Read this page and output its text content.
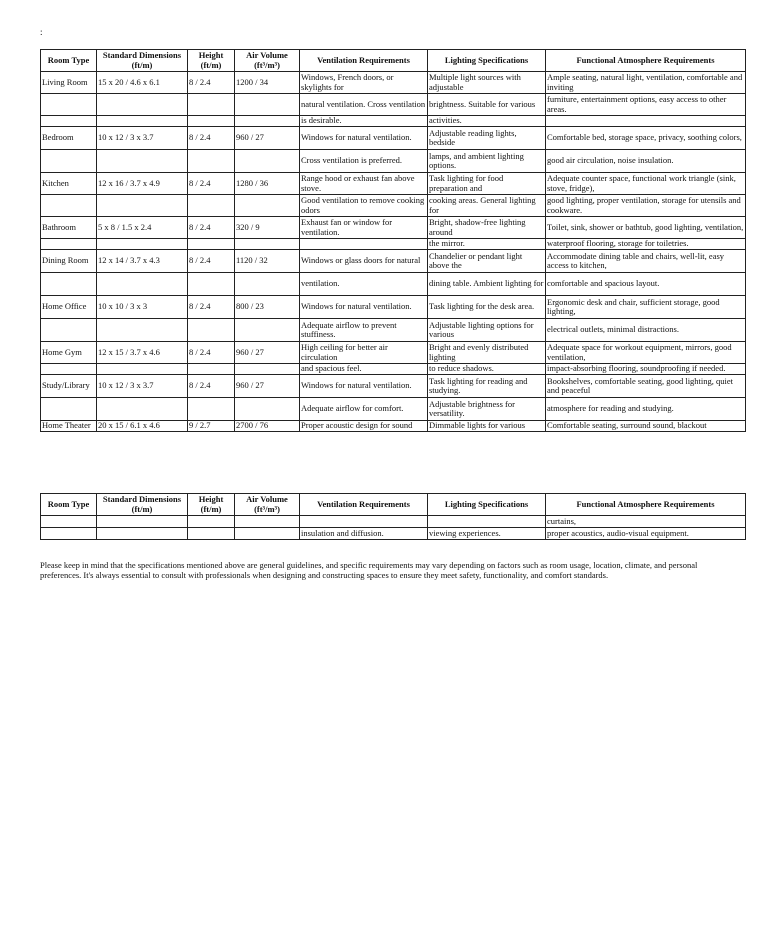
:
Room Type	Standard Dimensions (ft/m)	Height (ft/m)	Air Volume (ft³/m³)	Ventilation Requirements	Lighting Specifications	Functional Atmosphere Requirements
Living Room	15 x 20 / 4.6 x 6.1	8 / 2.4	1200 / 34	Windows, French doors, or skylights for	Multiple light sources with adjustable	Ample seating, natural light, ventilation, comfortable and inviting
				natural ventilation. Cross ventilation	brightness. Suitable for various	furniture, entertainment options, easy access to other areas.
				is desirable.	activities.	
Bedroom	10 x 12 / 3 x 3.7	8 / 2.4	960 / 27	Windows for natural ventilation.	Adjustable reading lights, bedside	Comfortable bed, storage space, privacy, soothing colors,
				Cross ventilation is preferred.	lamps, and ambient lighting options.	good air circulation, noise insulation.
Kitchen	12 x 16 / 3.7 x 4.9	8 / 2.4	1280 / 36	Range hood or exhaust fan above stove.	Task lighting for food preparation and	Adequate counter space, functional work triangle (sink, stove, fridge),
				Good ventilation to remove cooking odors	cooking areas. General lighting for	good lighting, proper ventilation, storage for utensils and cookware.
Bathroom	5 x 8 / 1.5 x 2.4	8 / 2.4	320 / 9	Exhaust fan or window for ventilation.	Bright, shadow-free lighting around	Toilet, sink, shower or bathtub, good lighting, ventilation,
					the mirror.	waterproof flooring, storage for toiletries.
Dining Room	12 x 14 / 3.7 x 4.3	8 / 2.4	1120 / 32	Windows or glass doors for natural	Chandelier or pendant light above the	Accommodate dining table and chairs, well-lit, easy access to kitchen,
				ventilation.	dining table. Ambient lighting for	comfortable and spacious layout.
Home Office	10 x 10 / 3 x 3	8 / 2.4	800 / 23	Windows for natural ventilation.	Task lighting for the desk area.	Ergonomic desk and chair, sufficient storage, good lighting,
				Adequate airflow to prevent stuffiness.	Adjustable lighting options for various	electrical outlets, minimal distractions.
Home Gym	12 x 15 / 3.7 x 4.6	8 / 2.4	960 / 27	High ceiling for better air circulation	Bright and evenly distributed lighting	Adequate space for workout equipment, mirrors, good ventilation,
				and spacious feel.	to reduce shadows.	impact-absorbing flooring, soundproofing if needed.
Study/Library	10 x 12 / 3 x 3.7	8 / 2.4	960 / 27	Windows for natural ventilation.	Task lighting for reading and studying.	Bookshelves, comfortable seating, good lighting, quiet and peaceful
				Adequate airflow for comfort.	Adjustable brightness for versatility.	atmosphere for reading and studying.
Home Theater	20 x 15 / 6.1 x 4.6	9 / 2.7	2700 / 76	Proper acoustic design for sound	Dimmable lights for various	Comfortable seating, surround sound, blackout
Room Type	Standard Dimensions (ft/m)	Height (ft/m)	Air Volume (ft³/m³)	Ventilation Requirements	Lighting Specifications	Functional Atmosphere Requirements
						curtains,
				insulation and diffusion.	viewing experiences.	proper acoustics, audio-visual equipment.

Please keep in mind that the specifications mentioned above are general guidelines, and specific requirements may vary depending on factors such as room usage, location, climate, and personal preferences. It's always essential to consult with professionals when designing and constructing spaces to ensure they meet safety, functionality, and comfort standards.
